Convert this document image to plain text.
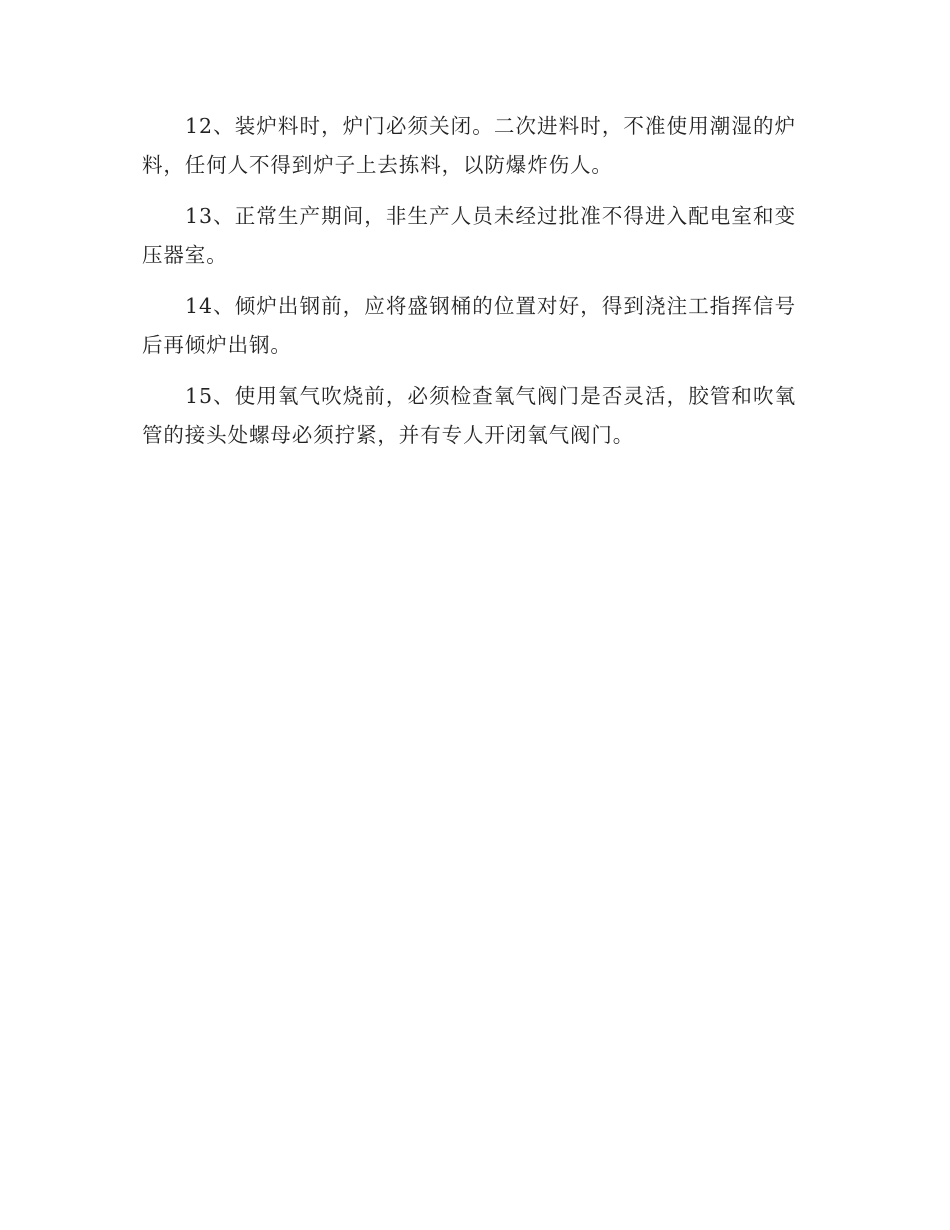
12、装炉料时，炉门必须关闭。二次进料时，不准使用潮湿的炉料，任何人不得到炉子上去拣料，以防爆炸伤人。

13、正常生产期间，非生产人员未经过批准不得进入配电室和变压器室。

14、倾炉出钢前，应将盛钢桶的位置对好，得到浇注工指挥信号后再倾炉出钢。

15、使用氧气吹烧前，必须检查氧气阀门是否灵活，胶管和吹氧管的接头处螺母必须拧紧，并有专人开闭氧气阀门。
